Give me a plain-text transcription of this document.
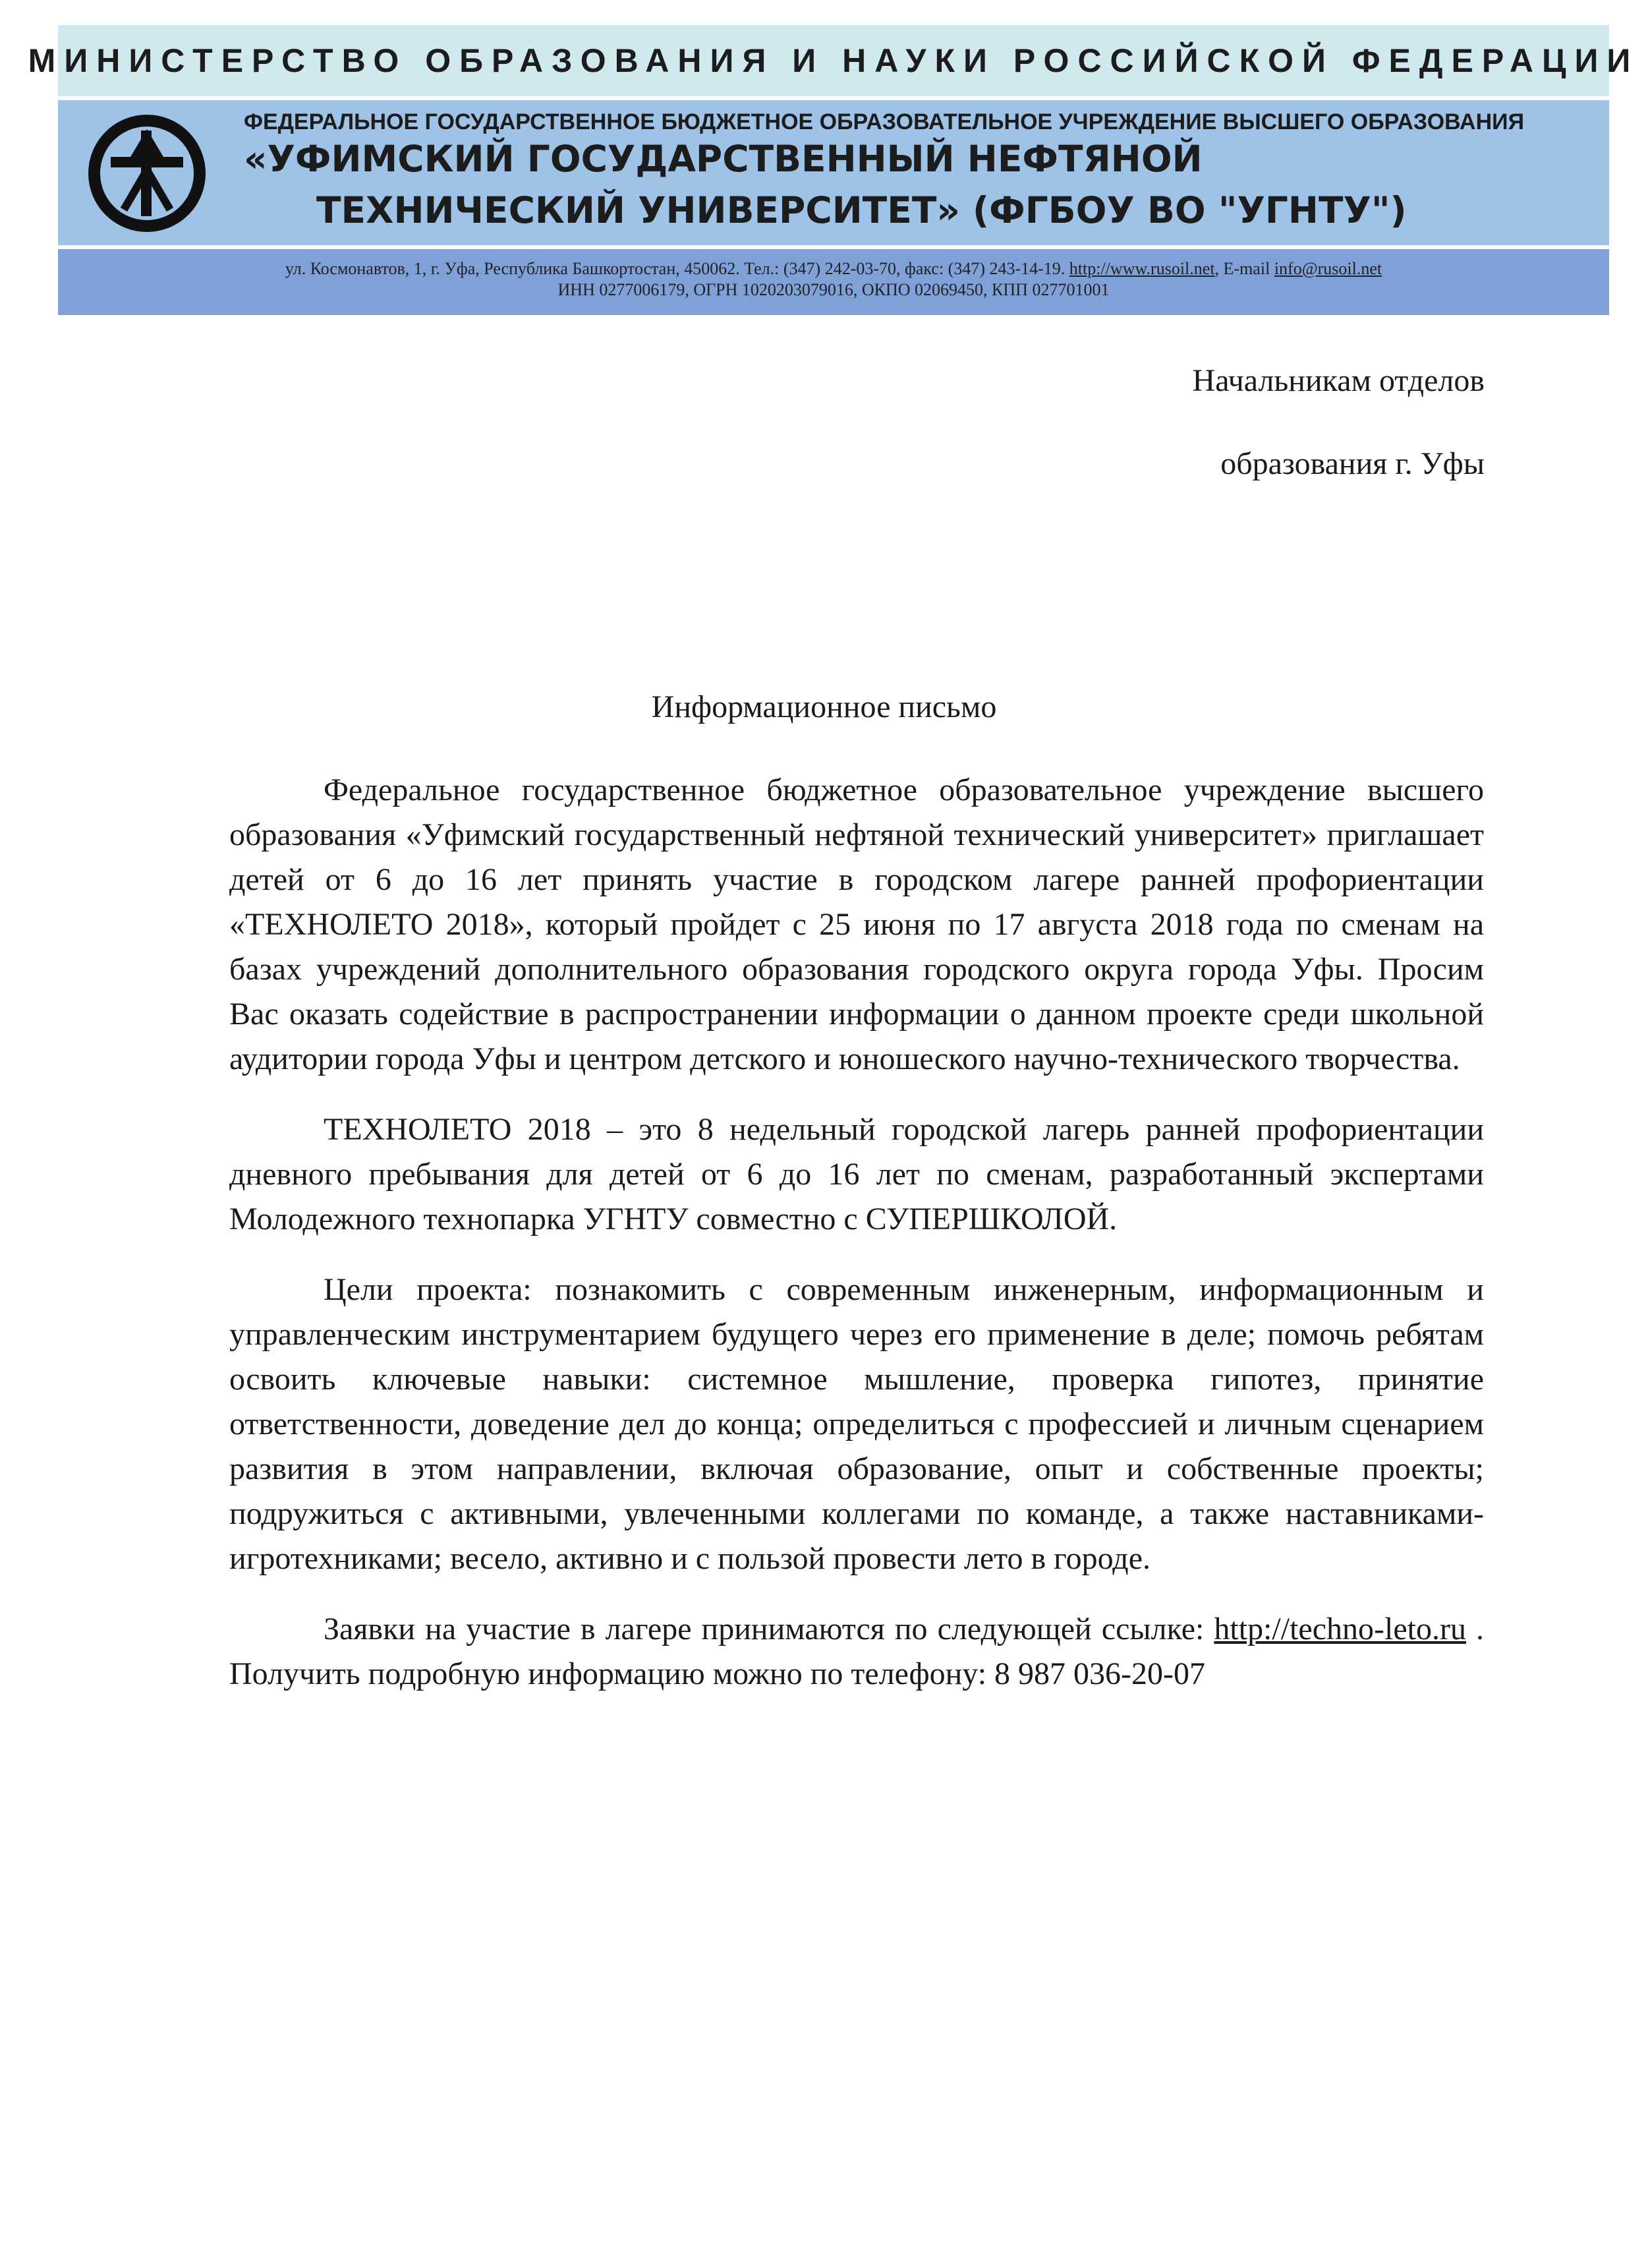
МИНИСТЕРСТВО ОБРАЗОВАНИЯ И НАУКИ РОССИЙСКОЙ ФЕДЕРАЦИИ
ФЕДЕРАЛЬНОЕ ГОСУДАРСТВЕННОЕ БЮДЖЕТНОЕ ОБРАЗОВАТЕЛЬНОЕ УЧРЕЖДЕНИЕ ВЫСШЕГО ОБРАЗОВАНИЯ
«УФИМСКИЙ ГОСУДАРСТВЕННЫЙ НЕФТЯНОЙ
ТЕХНИЧЕСКИЙ УНИВЕРСИТЕТ» (ФГБОУ ВО "УГНТУ")
ул. Космонавтов, 1, г. Уфа, Республика Башкортостан, 450062. Тел.: (347) 242-03-70, факс: (347) 243-14-19. http://www.rusoil.net, E-mail info@rusoil.net
ИНН 0277006179, ОГРН 1020203079016, ОКПО 02069450, КПП 027701001
Начальникам отделов
образования г. Уфы
Информационное письмо

Федеральное государственное бюджетное образовательное учреждение высшего образования «Уфимский государственный нефтяной технический университет» приглашает детей от 6 до 16 лет принять участие в городском лагере ранней профориентации «ТЕХНОЛЕТО 2018», который пройдет с 25 июня по 17 августа 2018 года по сменам на базах учреждений дополнительного образования городского округа города Уфы. Просим Вас оказать содействие в распространении информации о данном проекте среди школьной аудитории города Уфы и центром детского и юношеского научно-технического творчества.

ТЕХНОЛЕТО 2018 – это 8 недельный городской лагерь ранней профориентации дневного пребывания для детей от 6 до 16 лет по сменам, разработанный экспертами Молодежного технопарка УГНТУ совместно с СУПЕРШКОЛОЙ.

Цели проекта: познакомить с современным инженерным, информационным и управленческим инструментарием будущего через его применение в деле; помочь ребятам освоить ключевые навыки: системное мышление, проверка гипотез, принятие ответственности, доведение дел до конца; определиться с профессией и личным сценарием развития в этом направлении, включая образование, опыт и собственные проекты; подружиться с активными, увлеченными коллегами по команде, а также наставниками-игротехниками; весело, активно и с пользой провести лето в городе.

Заявки на участие в лагере принимаются по следующей ссылке: http://techno-leto.ru . Получить подробную информацию можно по телефону: 8 987 036-20-07
